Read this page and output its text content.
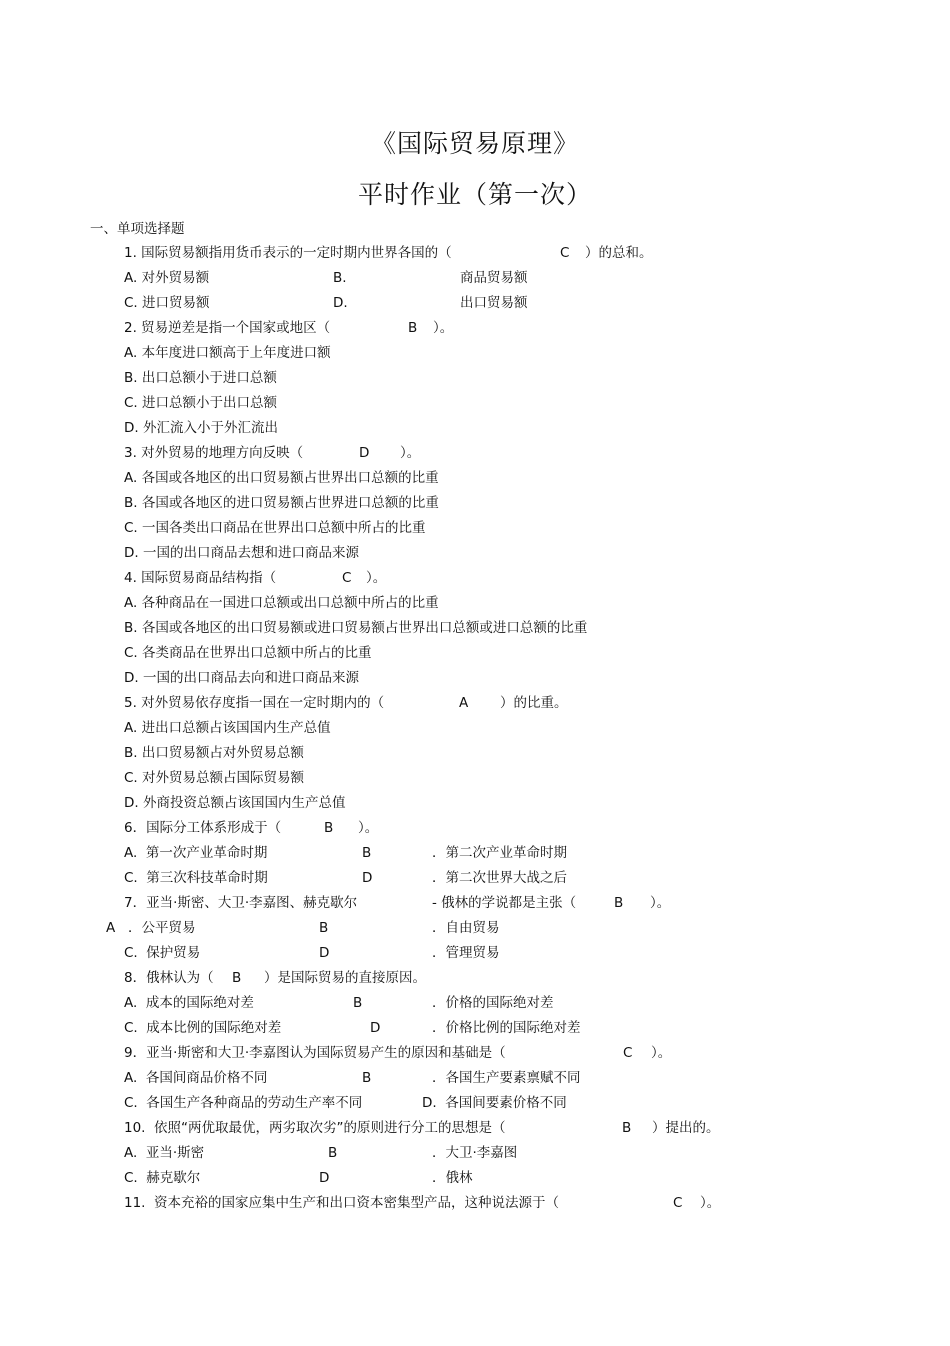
《国际贸易原理》
平时作业（第一次）
一、单项选择题
1. 国际贸易额指用货币表示的一定时期内世界各国的（	C ）的总和。
A. 对外贸易额	B.	商品贸易额
C. 进口贸易额	D.	出口贸易额
2. 贸易逆差是指一个国家或地区（	B ）。
A. 本年度进口额高于上年度进口额
B. 出口总额小于进口总额
C. 进口总额小于出口总额
D. 外汇流入小于外汇流出
3. 对外贸易的地理方向反映（	D ）。
A. 各国或各地区的出口贸易额占世界出口总额的比重
B. 各国或各地区的进口贸易额占世界进口总额的比重
C. 一国各类出口商品在世界出口总额中所占的比重
D. 一国的出口商品去想和进口商品来源
4. 国际贸易商品结构指（	C ）。
A. 各种商品在一国进口总额或出口总额中所占的比重
B. 各国或各地区的出口贸易额或进口贸易额占世界出口总额或进口总额的比重
C. 各类商品在世界出口总额中所占的比重
D. 一国的出口商品去向和进口商品来源
5. 对外贸易依存度指一国在一定时期内的（	A ）的比重。
A. 进出口总额占该国国内生产总值
B. 出口贸易额占对外贸易总额
C. 对外贸易总额占国际贸易额
D. 外商投资总额占该国国内生产总值
6．国际分工体系形成于（	B ）。
A.  第一次产业革命时期	B	．第二次产业革命时期
C.  第三次科技革命时期	D	．第二次世界大战之后
7．亚当·斯密、大卫·李嘉图、赫克歇尔	- 俄林的学说都是主张（	B ）。
A ．公平贸易	B	．自由贸易
C.  保护贸易	D	．管理贸易
8．俄林认为（ B ）是国际贸易的直接原因。
A.  成本的国际绝对差	B	．价格的国际绝对差
C.  成本比例的国际绝对差	D	．价格比例的国际绝对差
9．亚当·斯密和大卫·李嘉图认为国际贸易产生的原因和基础是（	C ）。
A.  各国间商品价格不同	B	．各国生产要素禀赋不同
C.  各国生产各种商品的劳动生产率不同	D.  各国间要素价格不同
10.  依照“两优取最优，两劣取次劣”的原则进行分工的思想是（	B ）提出的。
A.  亚当·斯密	B	．大卫·李嘉图
C.  赫克歇尔	D	．俄林
11.  资本充裕的国家应集中生产和出口资本密集型产品，这种说法源于（	C ）。
